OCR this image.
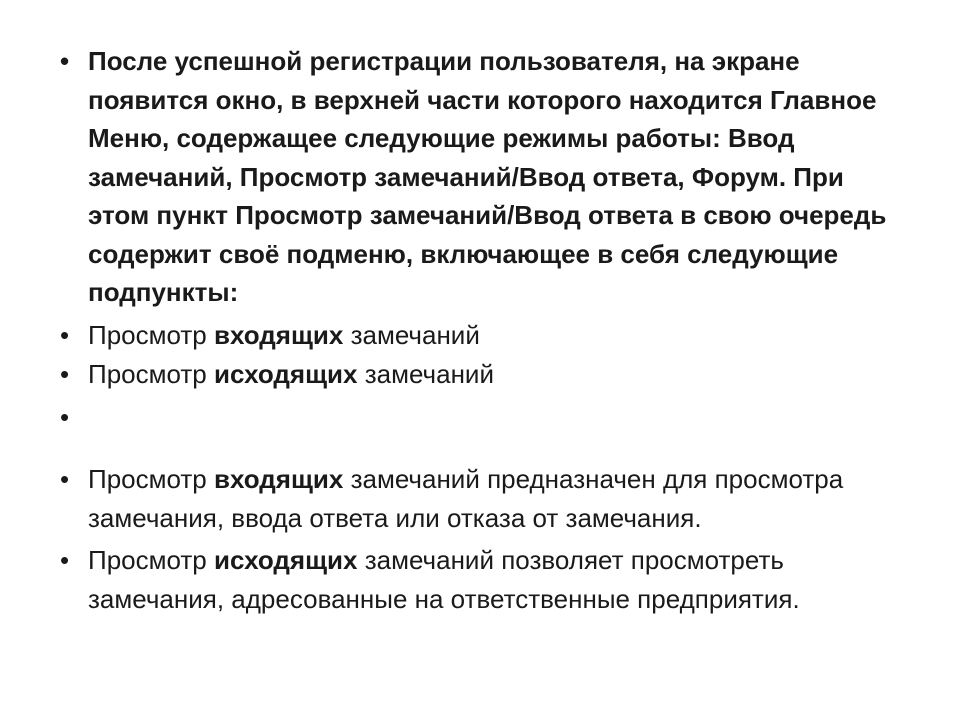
• После успешной регистрации пользователя, на экране появится окно, в верхней части которого находится Главное Меню, содержащее следующие режимы работы: Ввод замечаний, Просмотр замечаний/Ввод ответа, Форум. При этом пункт Просмотр замечаний/Ввод ответа в свою очередь содержит своё подменю, включающее в себя следующие подпункты:
• Просмотр входящих замечаний
• Просмотр исходящих замечаний
•
• Просмотр входящих замечаний предназначен для просмотра замечания, ввода ответа или отказа от замечания.
• Просмотр исходящих замечаний позволяет просмотреть замечания, адресованные на ответственные предприятия.
